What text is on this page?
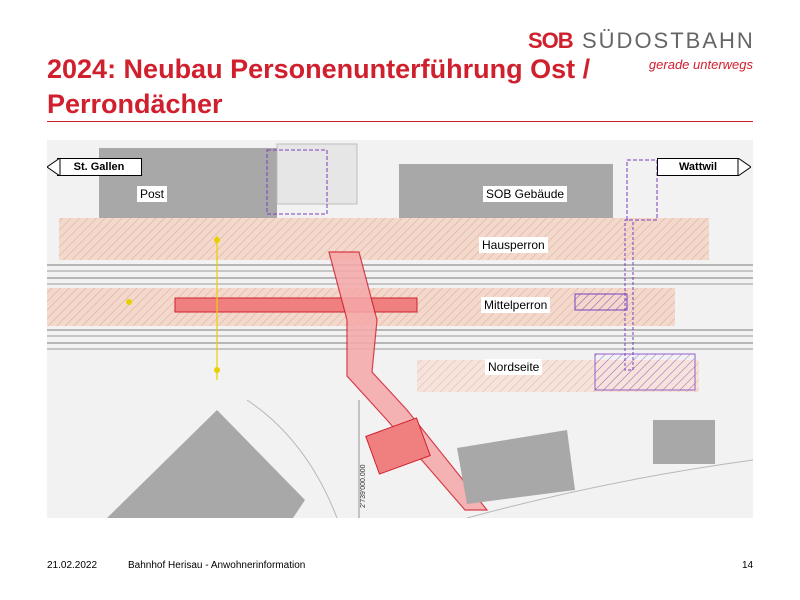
2024: Neubau Personenunterführung Ost /
Perrondächer
SOB SÜDOSTBAHN
gerade unterwegs
2'739'000.000
St. Gallen	Wattwil
Post	SOB Gebäude
Hausperron
Mittelperron
Nordseite
21.02.2022	Bahnhof Herisau - Anwohnerinformation	14
